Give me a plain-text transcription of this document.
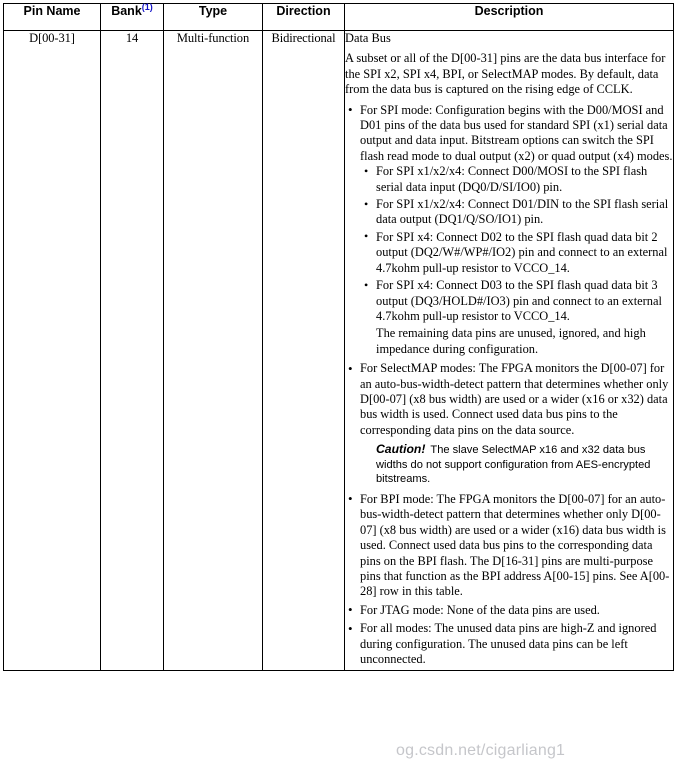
Pin Name	Bank$^{(1)}$	Type	Direction	Description
D[00-31]	14	Multi-function	Bidirectional	Data Bus
A subset or all of the D[00-31] pins are the data bus interface for the SPI x2, SPI x4, BPI, or SelectMAP modes. By default, data from the data bus is captured on the rising edge of CCLK.
• For SPI mode: Configuration begins with the D00/MOSI and D01 pins of the data bus used for standard SPI (x1) serial data output and data input. Bitstream options can switch the SPI flash read mode to dual output (x2) or quad output (x4) modes.
• For SPI x1/x2/x4: Connect D00/MOSI to the SPI flash serial data input (DQ0/D/SI/IO0) pin.
• For SPI x1/x2/x4: Connect D01/DIN to the SPI flash serial data output (DQ1/Q/SO/IO1) pin.
• For SPI x4: Connect D02 to the SPI flash quad data bit 2 output (DQ2/W#/WP#/IO2) pin and connect to an external 4.7kohm pull-up resistor to VCCO_14.
• For SPI x4: Connect D03 to the SPI flash quad data bit 3 output (DQ3/HOLD#/IO3) pin and connect to an external 4.7kohm pull-up resistor to VCCO_14.
The remaining data pins are unused, ignored, and high impedance during configuration.
• For SelectMAP modes: The FPGA monitors the D[00-07] for an auto-bus-width-detect pattern that determines whether only D[00-07] (x8 bus width) are used or a wider (x16 or x32) data bus width is used. Connect used data bus pins to the corresponding data pins on the data source.
Caution! The slave SelectMAP x16 and x32 data bus widths do not support configuration from AES-encrypted bitstreams.
• For BPI mode: The FPGA monitors the D[00-07] for an auto-bus-width-detect pattern that determines whether only D[00-07] (x8 bus width) are used or a wider (x16) data bus width is used. Connect used data bus pins to the corresponding data pins on the BPI flash. The D[16-31] pins are multi-purpose pins that function as the BPI address A[00-15] pins. See A[00-28] row in this table.
• For JTAG mode: None of the data pins are used.
• For all modes: The unused data pins are high-Z and ignored during configuration. The unused data pins can be left unconnected.
og.csdn.net/cigarliang1
